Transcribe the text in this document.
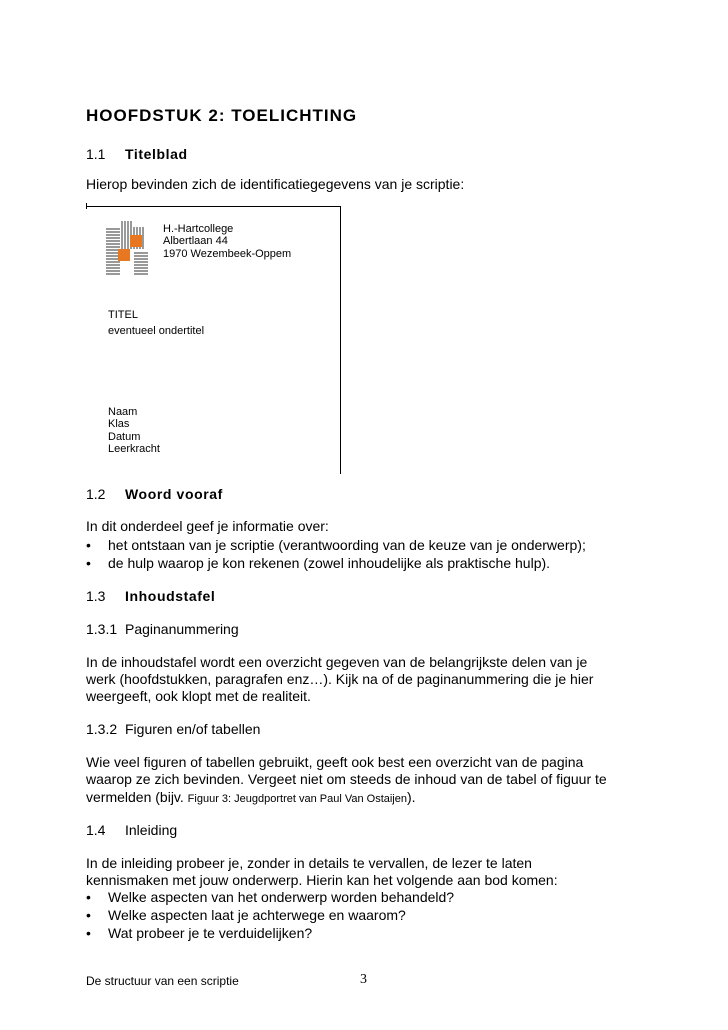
HOOFDSTUK 2: TOELICHTING
1.1 Titelblad
Hierop bevinden zich de identificatiegegevens van je scriptie:
H.-Hartcollege
Albertlaan 44
1970 Wezembeek-Oppem
TITEL
eventueel ondertitel
Naam
Klas
Datum
Leerkracht
1.2 Woord vooraf
In dit onderdeel geef je informatie over:
• het ontstaan van je scriptie (verantwoording van de keuze van je onderwerp);
• de hulp waarop je kon rekenen (zowel inhoudelijke als praktische hulp).
1.3 Inhoudstafel
1.3.1 Paginanummering
In de inhoudstafel wordt een overzicht gegeven van de belangrijkste delen van je
werk (hoofdstukken, paragrafen enz…). Kijk na of de paginanummering die je hier
weergeeft, ook klopt met de realiteit.
1.3.2 Figuren en/of tabellen
Wie veel figuren of tabellen gebruikt, geeft ook best een overzicht van de pagina
waarop ze zich bevinden. Vergeet niet om steeds de inhoud van de tabel of figuur te
vermelden (bijv. Figuur 3: Jeugdportret van Paul Van Ostaijen).
1.4 Inleiding
In de inleiding probeer je, zonder in details te vervallen, de lezer te laten
kennismaken met jouw onderwerp. Hierin kan het volgende aan bod komen:
• Welke aspecten van het onderwerp worden behandeld?
• Welke aspecten laat je achterwege en waarom?
• Wat probeer je te verduidelijken?
De structuur van een scriptie	3
